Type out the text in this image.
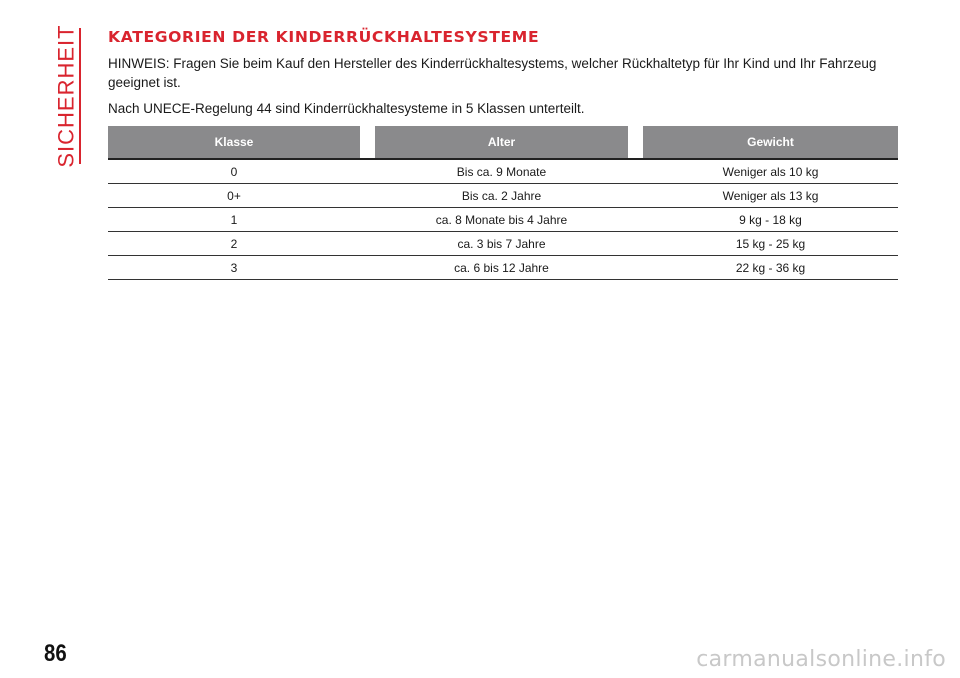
SICHERHEIT KATEGORIEN DER KINDERRÜCKHALTESYSTEME

HINWEIS: Fragen Sie beim Kauf den Hersteller des Kinderrückhaltesystems, welcher Rückhaltetyp für Ihr Kind und Ihr Fahrzeug geeignet ist.

Nach UNECE-Regelung 44 sind Kinderrückhaltesysteme in 5 Klassen unterteilt.

Klasse		Alter		Gewicht
0	Bis ca. 9 Monate			Weniger als 10 kg
0+	Bis ca. 2 Jahre			Weniger als 13 kg
1	ca. 8 Monate bis 4 Jahre			9 kg - 18 kg
2	ca. 3 bis 7 Jahre			15 kg - 25 kg
3	ca. 6 bis 12 Jahre			22 kg - 36 kg
86	carmanualsonline.info
